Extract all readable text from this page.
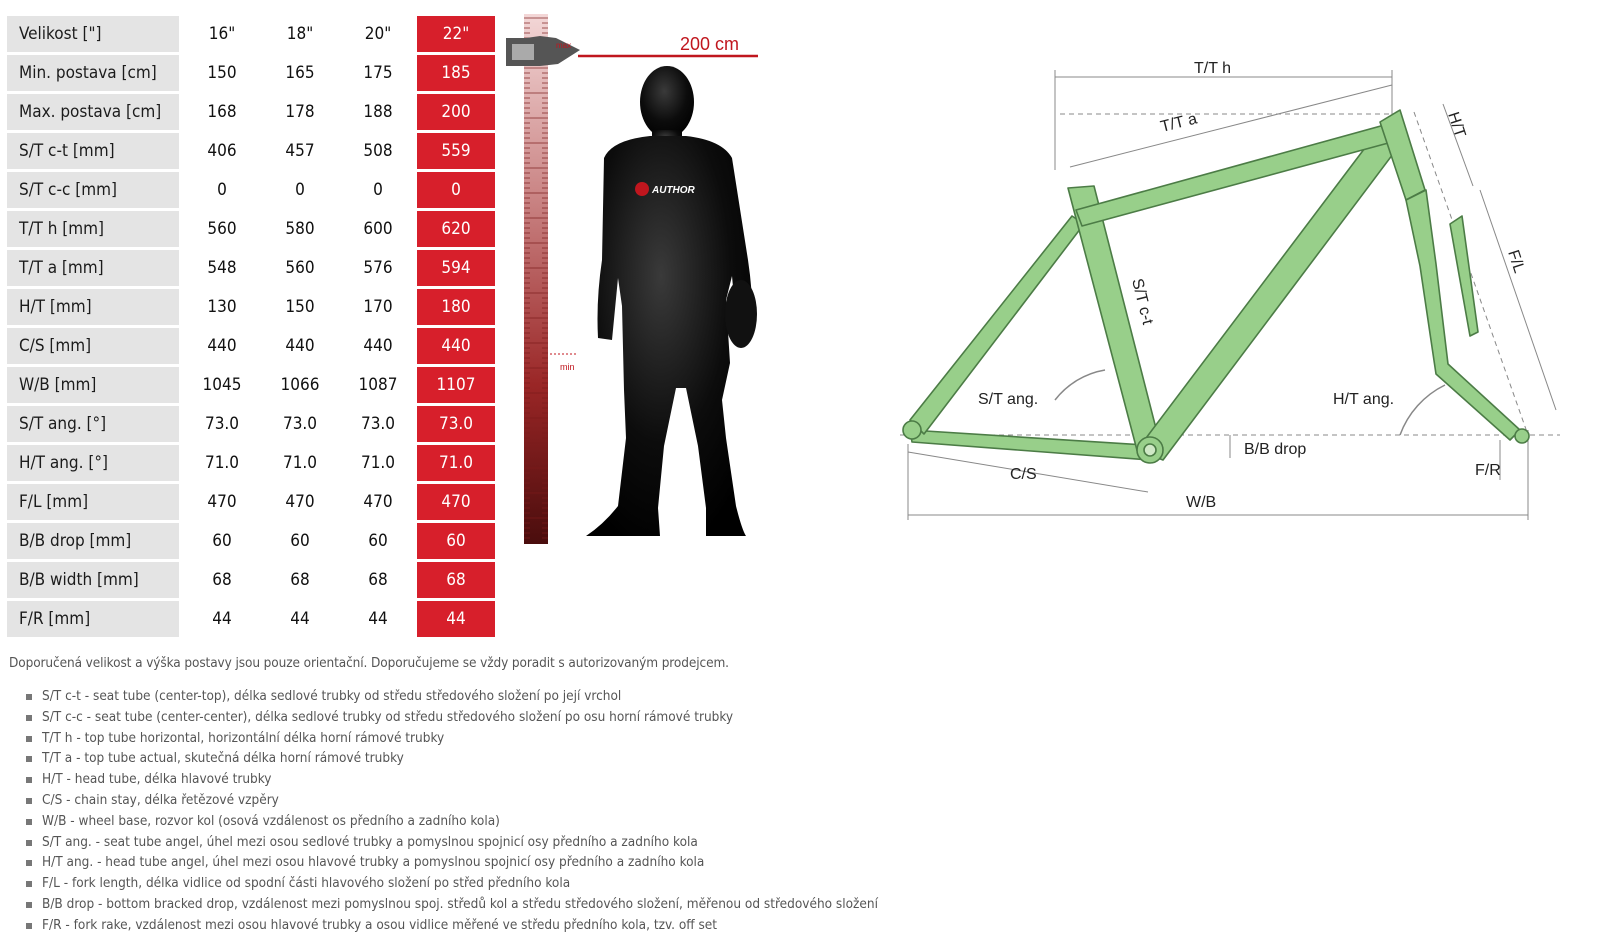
Velikost ["]		16"	18"	20"	22"
Min. postava [cm]		150	165	175	185
Max. postava [cm]		168	178	188	200
S/T c-t [mm]		406	457	508	559
S/T c-c [mm]		0	0	0	0
T/T h [mm]		560	580	600	620
T/T a [mm]		548	560	576	594
H/T [mm]		130	150	170	180
C/S [mm]		440	440	440	440
W/B [mm]		1045	1066	1087	1107
S/T ang. [°]		73.0	73.0	73.0	73.0
H/T ang. [°]		71.0	71.0	71.0	71.0
F/L [mm]		470	470	470	470
B/B drop [mm]		60	60	60	60
B/B width [mm]		68	68	68	68
F/R [mm]		44	44	44	44
max	200 cm
min
AUTHOR
T/T h
T/T a	H/T
F/L
S/T c-t
S/T ang.	H/T ang.
B/B drop
C/S
W/B
F/R
Doporučená velikost a výška postavy jsou pouze orientační. Doporučujeme se vždy poradit s autorizovaným prodejcem.
S/T c-t - seat tube (center-top), délka sedlové trubky od středu středového složení po její vrchol
S/T c-c - seat tube (center-center), délka sedlové trubky od středu středového složení po osu horní rámové trubky
T/T h - top tube horizontal, horizontální délka horní rámové trubky
T/T a - top tube actual, skutečná délka horní rámové trubky
H/T - head tube, délka hlavové trubky
C/S - chain stay, délka řetězové vzpěry
W/B - wheel base, rozvor kol (osová vzdálenost os předního a zadního kola)
S/T ang. - seat tube angel, úhel mezi osou sedlové trubky a pomyslnou spojnicí osy předního a zadního kola
H/T ang. - head tube angel, úhel mezi osou hlavové trubky a pomyslnou spojnicí osy předního a zadního kola
F/L - fork length, délka vidlice od spodní části hlavového složení po střed předního kola
B/B drop - bottom bracked drop, vzdálenost mezi pomyslnou spoj. středů kol a středu středového složení, měřenou od středového složení
F/R - fork rake, vzdálenost mezi osou hlavové trubky a osou vidlice měřené ve středu předního kola, tzv. off set
